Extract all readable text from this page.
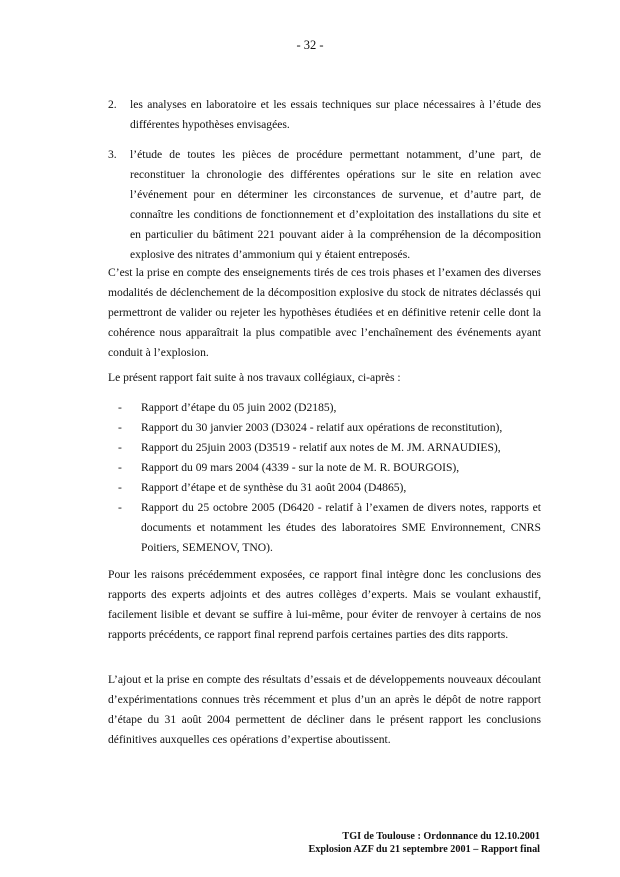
- 32 -
2. les analyses en laboratoire et les essais techniques sur place nécessaires à l’étude des différentes hypothèses envisagées.
3. l’étude de toutes les pièces de procédure permettant notamment, d’une part, de reconstituer la chronologie des différentes opérations sur le site en relation avec l’événement pour en déterminer les circonstances de survenue, et d’autre part, de connaître les conditions de fonctionnement et d’exploitation des installations du site et en particulier du bâtiment 221 pouvant aider à la compréhension de la décomposition explosive des nitrates d’ammonium qui y étaient entreposés.

C’est la prise en compte des enseignements tirés de ces trois phases et l’examen des diverses modalités de déclenchement de la décomposition explosive du stock de nitrates déclassés qui permettront de valider ou rejeter les hypothèses étudiées et en définitive retenir celle dont la cohérence nous apparaîtrait la plus compatible avec l’enchaînement des événements ayant conduit à l’explosion.

Le présent rapport fait suite à nos travaux collégiaux, ci-après :

- Rapport d’étape du 05 juin 2002 (D2185),
- Rapport du 30 janvier 2003 (D3024 - relatif aux opérations de reconstitution),
- Rapport du 25juin 2003 (D3519 - relatif aux notes de M. JM. ARNAUDIES),
- Rapport du 09 mars 2004 (4339 - sur la note de M. R. BOURGOIS),
- Rapport d’étape et de synthèse du 31 août 2004 (D4865),
- Rapport du 25 octobre 2005 (D6420 - relatif à l’examen de divers notes, rapports et documents et notamment les études des laboratoires SME Environnement, CNRS Poitiers, SEMENOV, TNO).

Pour les raisons précédemment exposées, ce rapport final intègre donc les conclusions des rapports des experts adjoints et des autres collèges d’experts. Mais se voulant exhaustif, facilement lisible et devant se suffire à lui-même, pour éviter de renvoyer à certains de nos rapports précédents, ce rapport final reprend parfois certaines parties des dits rapports.

L’ajout et la prise en compte des résultats d’essais et de développements nouveaux découlant d’expérimentations connues très récemment et plus d’un an après le dépôt de notre rapport d’étape du 31 août 2004 permettent de décliner dans le présent rapport les conclusions définitives auxquelles ces opérations d’expertise aboutissent.

TGI de Toulouse : Ordonnance du 12.10.2001
Explosion AZF du 21 septembre 2001 – Rapport final
